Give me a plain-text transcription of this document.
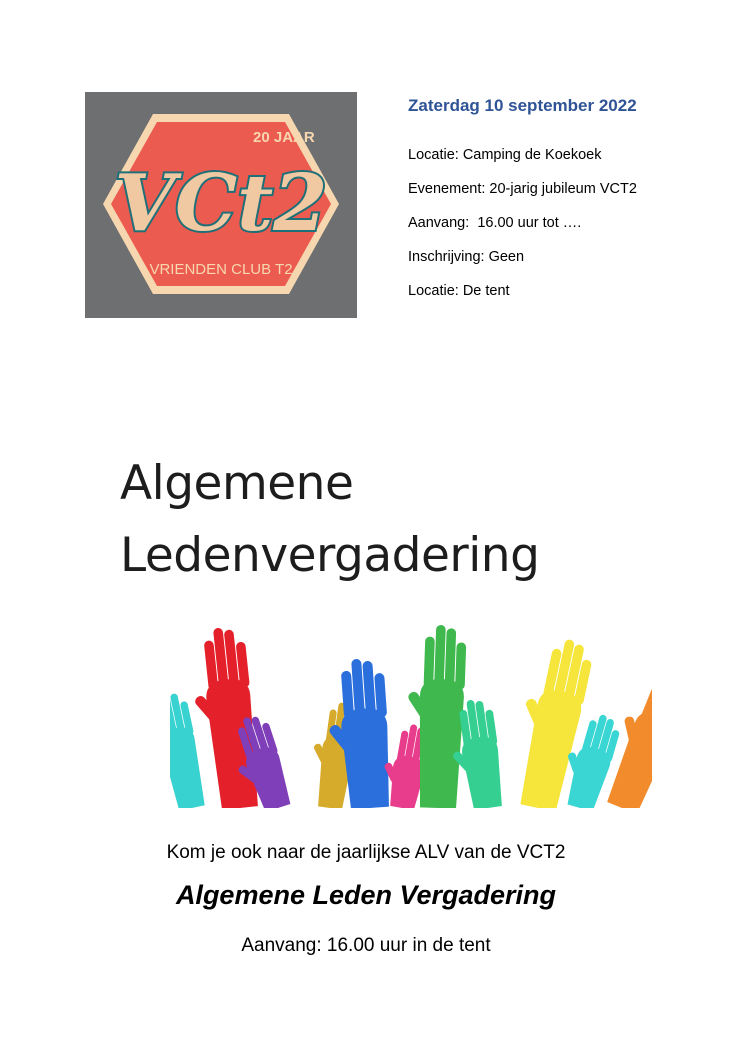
20 JAAR
VCt2
VRIENDEN CLUB T2
Zaterdag 10 september 2022
Locatie: Camping de Koekoek
Evenement: 20-jarig jubileum VCT2
Aanvang:  16.00 uur tot ….
Inschrijving: Geen
Locatie: De tent
Algemene
Ledenvergadering
Kom je ook naar de jaarlijkse ALV van de VCT2
Algemene Leden Vergadering
Aanvang: 16.00 uur in de tent
